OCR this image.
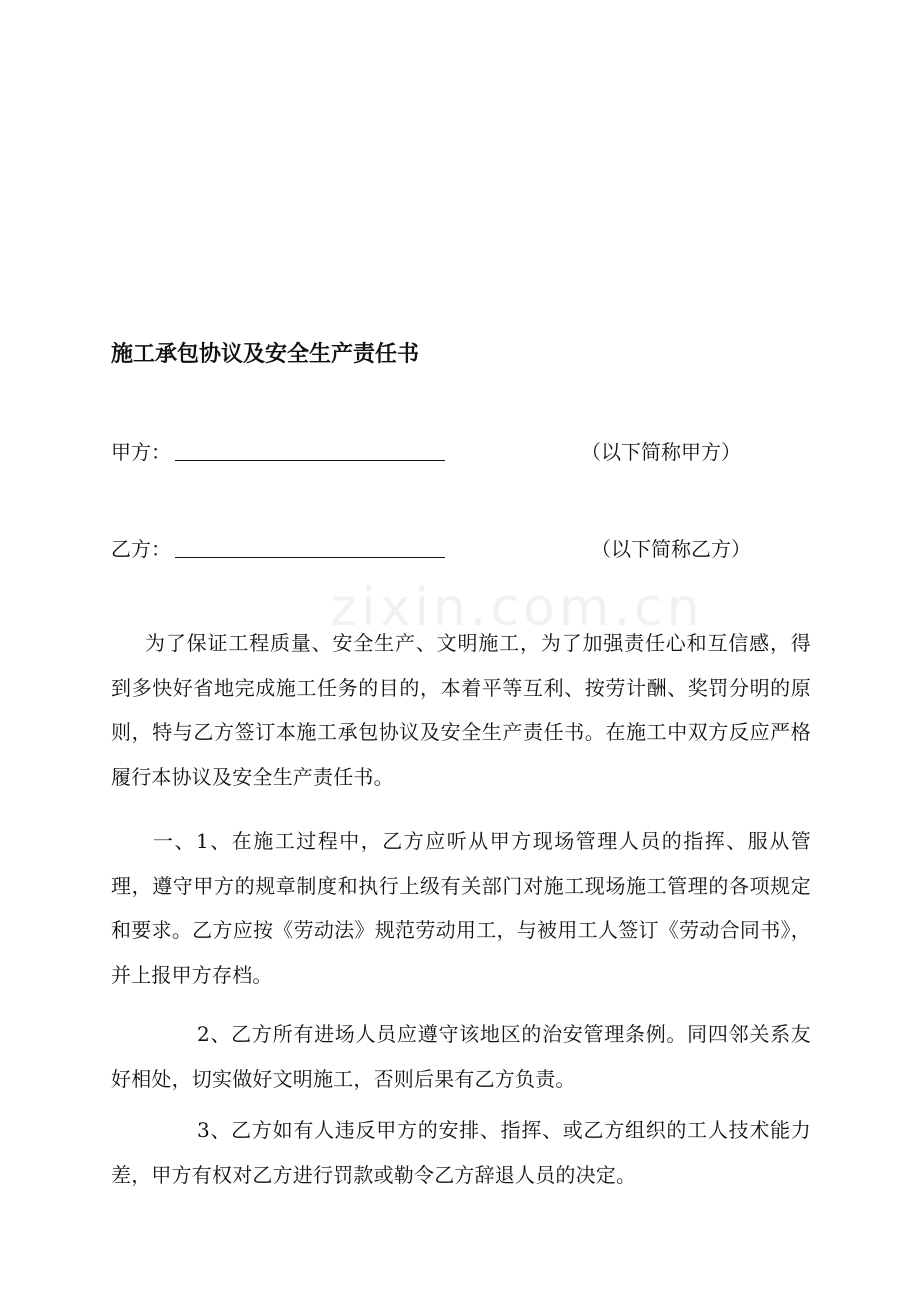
zixin.com.cn
施工承包协议及安全生产责任书
甲方：	（以下简称甲方）
乙方：	（以下简称乙方）
为了保证工程质量、安全生产、文明施工，为了加强责任心和互信感，得到多快好省地完成施工任务的目的，本着平等互利、按劳计酬、奖罚分明的原则，特与乙方签订本施工承包协议及安全生产责任书。在施工中双方反应严格履行本协议及安全生产责任书。
一、1、在施工过程中，乙方应听从甲方现场管理人员的指挥、服从管理，遵守甲方的规章制度和执行上级有关部门对施工现场施工管理的各项规定和要求。乙方应按《劳动法》规范劳动用工，与被用工人签订《劳动合同书》，并上报甲方存档。
2、乙方所有进场人员应遵守该地区的治安管理条例。同四邻关系友好相处，切实做好文明施工，否则后果有乙方负责。
3、乙方如有人违反甲方的安排、指挥、或乙方组织的工人技术能力差，甲方有权对乙方进行罚款或勒令乙方辞退人员的决定。
